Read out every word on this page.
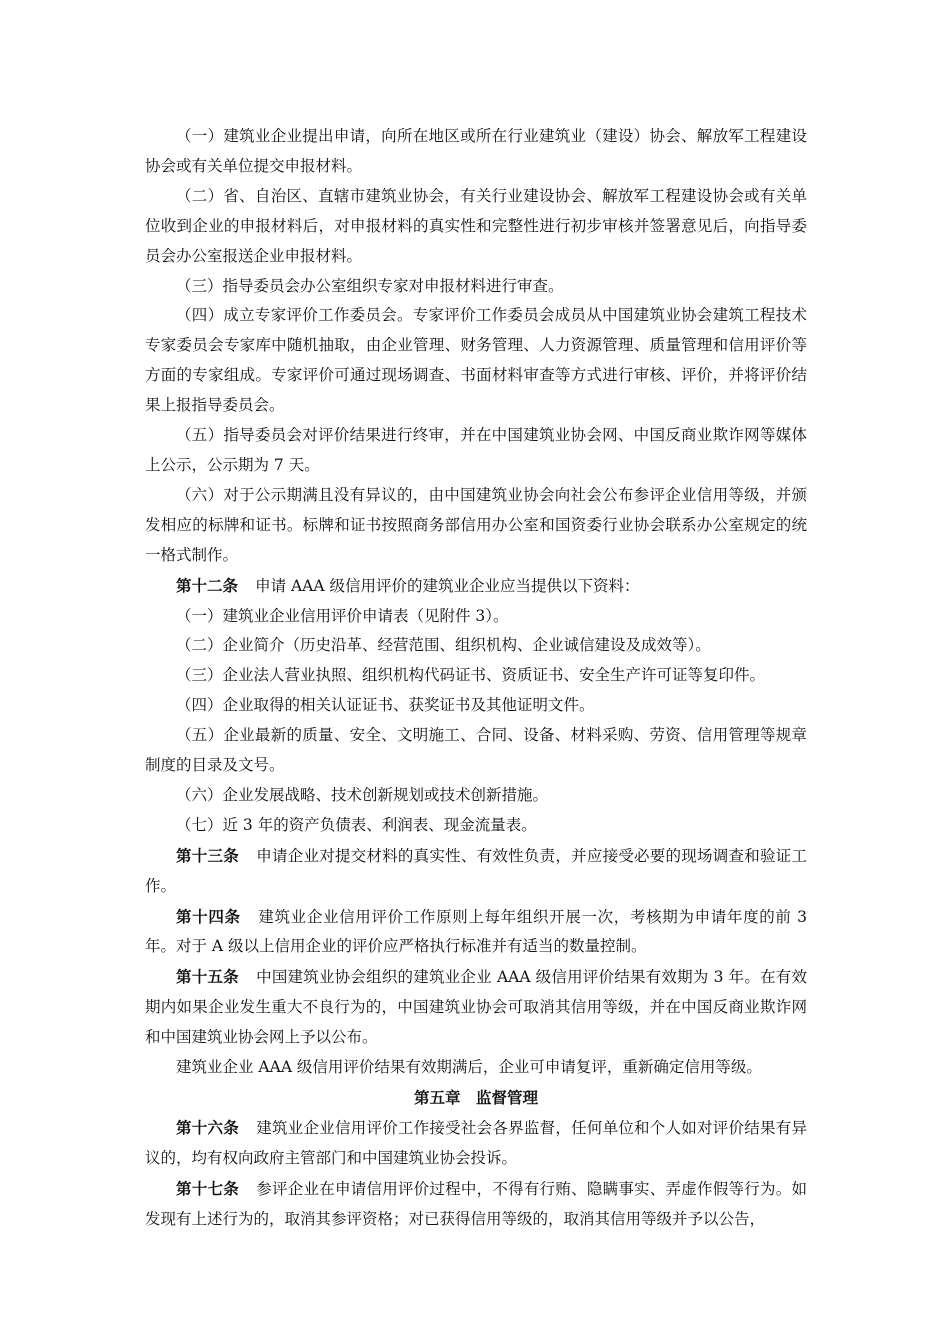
（一）建筑业企业提出申请，向所在地区或所在行业建筑业（建设）协会、解放军工程建设协会或有关单位提交申报材料。

（二）省、自治区、直辖市建筑业协会，有关行业建设协会、解放军工程建设协会或有关单位收到企业的申报材料后，对申报材料的真实性和完整性进行初步审核并签署意见后，向指导委员会办公室报送企业申报材料。

（三）指导委员会办公室组织专家对申报材料进行审查。

（四）成立专家评价工作委员会。专家评价工作委员会成员从中国建筑业协会建筑工程技术专家委员会专家库中随机抽取，由企业管理、财务管理、人力资源管理、质量管理和信用评价等方面的专家组成。专家评价可通过现场调查、书面材料审查等方式进行审核、评价，并将评价结果上报指导委员会。

（五）指导委员会对评价结果进行终审，并在中国建筑业协会网、中国反商业欺诈网等媒体上公示，公示期为 7 天。

（六）对于公示期满且没有异议的，由中国建筑业协会向社会公布参评企业信用等级，并颁发相应的标牌和证书。标牌和证书按照商务部信用办公室和国资委行业协会联系办公室规定的统一格式制作。

第十二条 申请 AAA 级信用评价的建筑业企业应当提供以下资料：

（一）建筑业企业信用评价申请表（见附件 3）。

（二）企业简介（历史沿革、经营范围、组织机构、企业诚信建设及成效等）。

（三）企业法人营业执照、组织机构代码证书、资质证书、安全生产许可证等复印件。

（四）企业取得的相关认证证书、获奖证书及其他证明文件。

（五）企业最新的质量、安全、文明施工、合同、设备、材料采购、劳资、信用管理等规章制度的目录及文号。

（六）企业发展战略、技术创新规划或技术创新措施。

（七）近 3 年的资产负债表、利润表、现金流量表。

第十三条 申请企业对提交材料的真实性、有效性负责，并应接受必要的现场调查和验证工作。

第十四条 建筑业企业信用评价工作原则上每年组织开展一次，考核期为申请年度的前 3 年。对于 A 级以上信用企业的评价应严格执行标准并有适当的数量控制。

第十五条 中国建筑业协会组织的建筑业企业 AAA 级信用评价结果有效期为 3 年。在有效期内如果企业发生重大不良行为的，中国建筑业协会可取消其信用等级，并在中国反商业欺诈网和中国建筑业协会网上予以公布。

建筑业企业 AAA 级信用评价结果有效期满后，企业可申请复评，重新确定信用等级。

第五章　监督管理

第十六条 建筑业企业信用评价工作接受社会各界监督，任何单位和个人如对评价结果有异议的，均有权向政府主管部门和中国建筑业协会投诉。

第十七条 参评企业在申请信用评价过程中，不得有行贿、隐瞒事实、弄虚作假等行为。如发现有上述行为的，取消其参评资格；对已获得信用等级的，取消其信用等级并予以公告，
